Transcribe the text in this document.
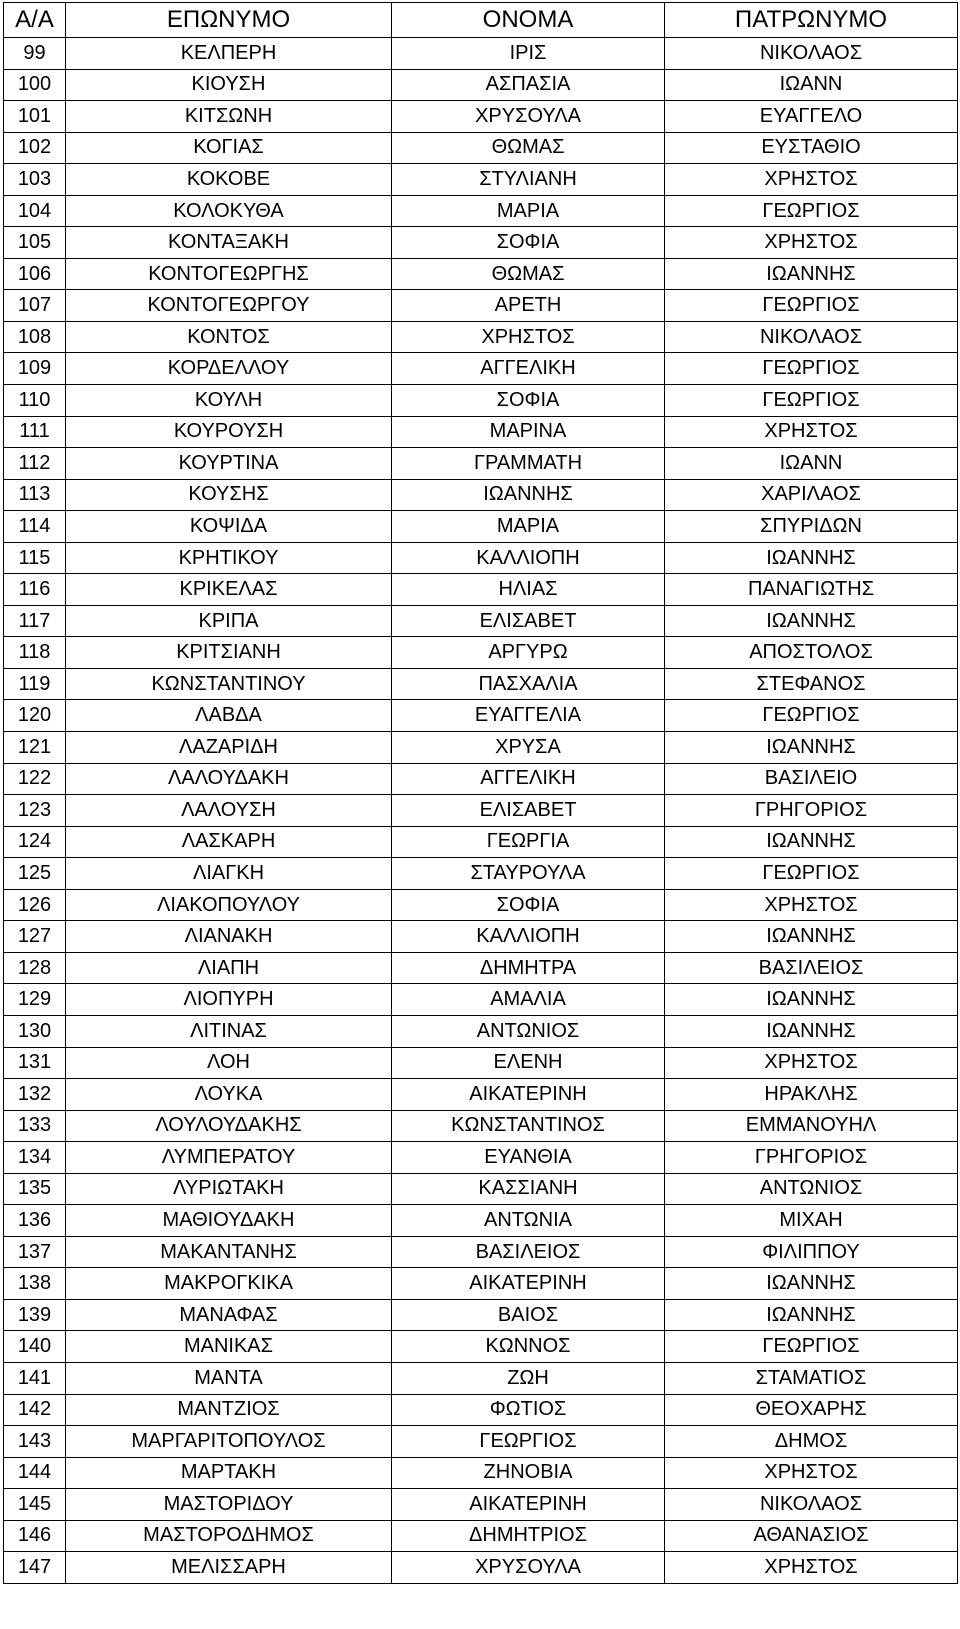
Α/Α	ΕΠΩΝΥΜΟ	ΟΝΟΜΑ	ΠΑΤΡΩΝΥΜΟ
99	ΚΕΛΠΕΡΗ	ΙΡΙΣ	ΝΙΚΟΛΑΟΣ
100	ΚΙΟΥΣΗ	ΑΣΠΑΣΙΑ	ΙΩΑΝΝ
101	ΚΙΤΣΩΝΗ	ΧΡΥΣΟΥΛΑ	ΕΥΑΓΓΕΛΟ
102	ΚΟΓΙΑΣ	ΘΩΜΑΣ	ΕΥΣΤΑΘΙΟ
103	ΚΟΚΟΒΕ	ΣΤΥΛΙΑΝΗ	ΧΡΗΣΤΟΣ
104	ΚΟΛΟΚΥΘΑ	ΜΑΡΙΑ	ΓΕΩΡΓΙΟΣ
105	ΚΟΝΤΑΞΑΚΗ	ΣΟΦΙΑ	ΧΡΗΣΤΟΣ
106	ΚΟΝΤΟΓΕΩΡΓΗΣ	ΘΩΜΑΣ	ΙΩΑΝΝΗΣ
107	ΚΟΝΤΟΓΕΩΡΓΟΥ	ΑΡΕΤΗ	ΓΕΩΡΓΙΟΣ
108	ΚΟΝΤΟΣ	ΧΡΗΣΤΟΣ	ΝΙΚΟΛΑΟΣ
109	ΚΟΡΔΕΛΛΟΥ	ΑΓΓΕΛΙΚΗ	ΓΕΩΡΓΙΟΣ
110	ΚΟΥΛΗ	ΣΟΦΙΑ	ΓΕΩΡΓΙΟΣ
111	ΚΟΥΡΟΥΣΗ	ΜΑΡΙΝΑ	ΧΡΗΣΤΟΣ
112	ΚΟΥΡΤΙΝΑ	ΓΡΑΜΜΑΤΗ	ΙΩΑΝΝ
113	ΚΟΥΣΗΣ	ΙΩΑΝΝΗΣ	ΧΑΡΙΛΑΟΣ
114	ΚΟΨΙΔΑ	ΜΑΡΙΑ	ΣΠΥΡΙΔΩΝ
115	ΚΡΗΤΙΚΟΥ	ΚΑΛΛΙΟΠΗ	ΙΩΑΝΝΗΣ
116	ΚΡΙΚΕΛΑΣ	ΗΛΙΑΣ	ΠΑΝΑΓΙΩΤΗΣ
117	ΚΡΙΠΑ	ΕΛΙΣΑΒΕΤ	ΙΩΑΝΝΗΣ
118	ΚΡΙΤΣΙΑΝΗ	ΑΡΓΥΡΩ	ΑΠΟΣΤΟΛΟΣ
119	ΚΩΝΣΤΑΝΤΙΝΟΥ	ΠΑΣΧΑΛΙΑ	ΣΤΕΦΑΝΟΣ
120	ΛΑΒΔΑ	ΕΥΑΓΓΕΛΙΑ	ΓΕΩΡΓΙΟΣ
121	ΛΑΖΑΡΙΔΗ	ΧΡΥΣΑ	ΙΩΑΝΝΗΣ
122	ΛΑΛΟΥΔΑΚΗ	ΑΓΓΕΛΙΚΗ	ΒΑΣΙΛΕΙΟ
123	ΛΑΛΟΥΣΗ	ΕΛΙΣΑΒΕΤ	ΓΡΗΓΟΡΙΟΣ
124	ΛΑΣΚΑΡΗ	ΓΕΩΡΓΙΑ	ΙΩΑΝΝΗΣ
125	ΛΙΑΓΚΗ	ΣΤΑΥΡΟΥΛΑ	ΓΕΩΡΓΙΟΣ
126	ΛΙΑΚΟΠΟΥΛΟΥ	ΣΟΦΙΑ	ΧΡΗΣΤΟΣ
127	ΛΙΑΝΑΚΗ	ΚΑΛΛΙΟΠΗ	ΙΩΑΝΝΗΣ
128	ΛΙΑΠΗ	ΔΗΜΗΤΡΑ	ΒΑΣΙΛΕΙΟΣ
129	ΛΙΟΠΥΡΗ	ΑΜΑΛΙΑ	ΙΩΑΝΝΗΣ
130	ΛΙΤΙΝΑΣ	ΑΝΤΩΝΙΟΣ	ΙΩΑΝΝΗΣ
131	ΛΟΗ	ΕΛΕΝΗ	ΧΡΗΣΤΟΣ
132	ΛΟΥΚΑ	ΑΙΚΑΤΕΡΙΝΗ	ΗΡΑΚΛΗΣ
133	ΛΟΥΛΟΥΔΑΚΗΣ	ΚΩΝΣΤΑΝΤΙΝΟΣ	ΕΜΜΑΝΟΥΗΛ
134	ΛΥΜΠΕΡΑΤΟΥ	ΕΥΑΝΘΙΑ	ΓΡΗΓΟΡΙΟΣ
135	ΛΥΡΙΩΤΑΚΗ	ΚΑΣΣΙΑΝΗ	ΑΝΤΩΝΙΟΣ
136	ΜΑΘΙΟΥΔΑΚΗ	ΑΝΤΩΝΙΑ	ΜΙΧΑΗ
137	ΜΑΚΑΝΤΑΝΗΣ	ΒΑΣΙΛΕΙΟΣ	ΦΙΛΙΠΠΟΥ
138	ΜΑΚΡΟΓΚΙΚΑ	ΑΙΚΑΤΕΡΙΝΗ	ΙΩΑΝΝΗΣ
139	ΜΑΝΑΦΑΣ	ΒΑΙΟΣ	ΙΩΑΝΝΗΣ
140	ΜΑΝΙΚΑΣ	ΚΩΝΝΟΣ	ΓΕΩΡΓΙΟΣ
141	ΜΑΝΤΑ	ΖΩΗ	ΣΤΑΜΑΤΙΟΣ
142	ΜΑΝΤΖΙΟΣ	ΦΩΤΙΟΣ	ΘΕΟΧΑΡΗΣ
143	ΜΑΡΓΑΡΙΤΟΠΟΥΛΟΣ	ΓΕΩΡΓΙΟΣ	ΔΗΜΟΣ
144	ΜΑΡΤΑΚΗ	ΖΗΝΟΒΙΑ	ΧΡΗΣΤΟΣ
145	ΜΑΣΤΟΡΙΔΟΥ	ΑΙΚΑΤΕΡΙΝΗ	ΝΙΚΟΛΑΟΣ
146	ΜΑΣΤΟΡΟΔΗΜΟΣ	ΔΗΜΗΤΡΙΟΣ	ΑΘΑΝΑΣΙΟΣ
147	ΜΕΛΙΣΣΑΡΗ	ΧΡΥΣΟΥΛΑ	ΧΡΗΣΤΟΣ
